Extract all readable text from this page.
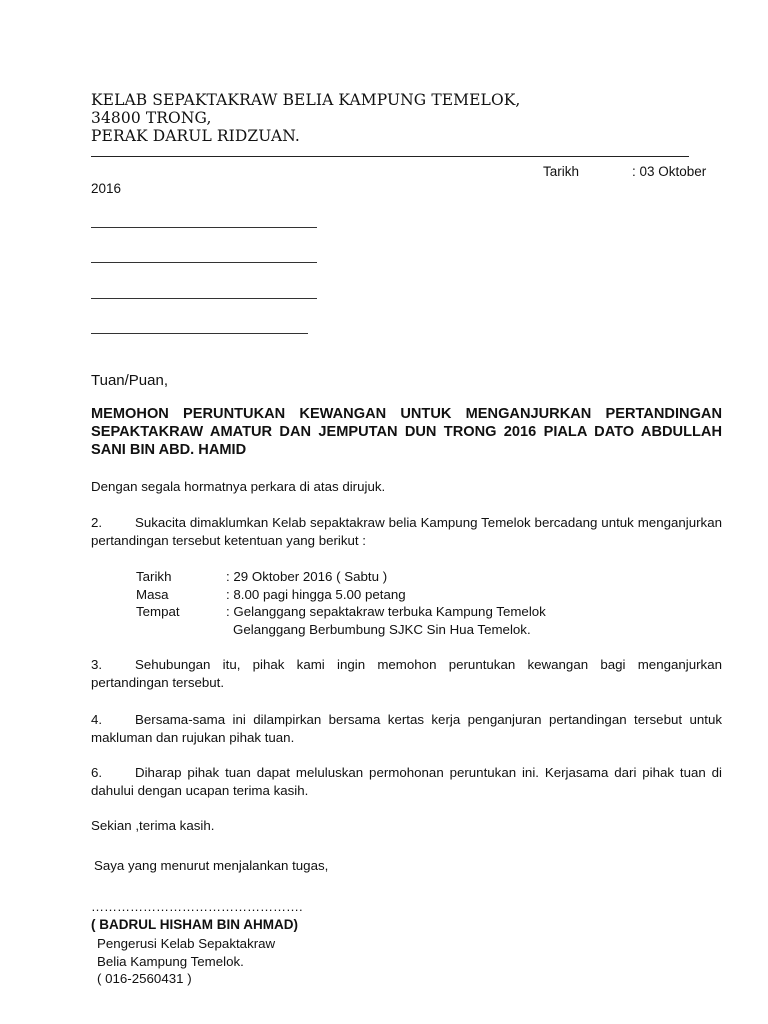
KELAB SEPAKTAKRAW BELIA KAMPUNG TEMELOK,
34800 TRONG,
PERAK DARUL RIDZUAN.
Tarikh	: 03 Oktober
2016
Tuan/Puan,
MEMOHON PERUNTUKAN KEWANGAN UNTUK MENGANJURKAN PERTANDINGAN SEPAKTAKRAW AMATUR DAN JEMPUTAN DUN TRONG 2016 PIALA DATO ABDULLAH SANI BIN ABD. HAMID
Dengan segala hormatnya perkara di atas dirujuk.
2. Sukacita dimaklumkan Kelab sepaktakraw belia Kampung Temelok bercadang untuk menganjurkan pertandingan tersebut ketentuan yang berikut :
Tarikh	: 29 Oktober 2016 ( Sabtu )
Masa	: 8.00 pagi hingga 5.00 petang
Tempat	: Gelanggang sepaktakraw terbuka Kampung Temelok
Gelanggang Berbumbung SJKC Sin Hua Temelok.
3. Sehubungan itu, pihak kami ingin memohon peruntukan kewangan bagi menganjurkan pertandingan tersebut.
4. Bersama-sama ini dilampirkan bersama kertas kerja penganjuran pertandingan tersebut untuk makluman dan rujukan pihak tuan.
6. Diharap pihak tuan dapat meluluskan permohonan peruntukan ini. Kerjasama dari pihak tuan di dahului dengan ucapan terima kasih.
Sekian ,terima kasih.
Saya yang menurut menjalankan tugas,
………………………………………….
( BADRUL HISHAM BIN AHMAD)
Pengerusi Kelab Sepaktakraw
Belia Kampung Temelok.
( 016-2560431 )
